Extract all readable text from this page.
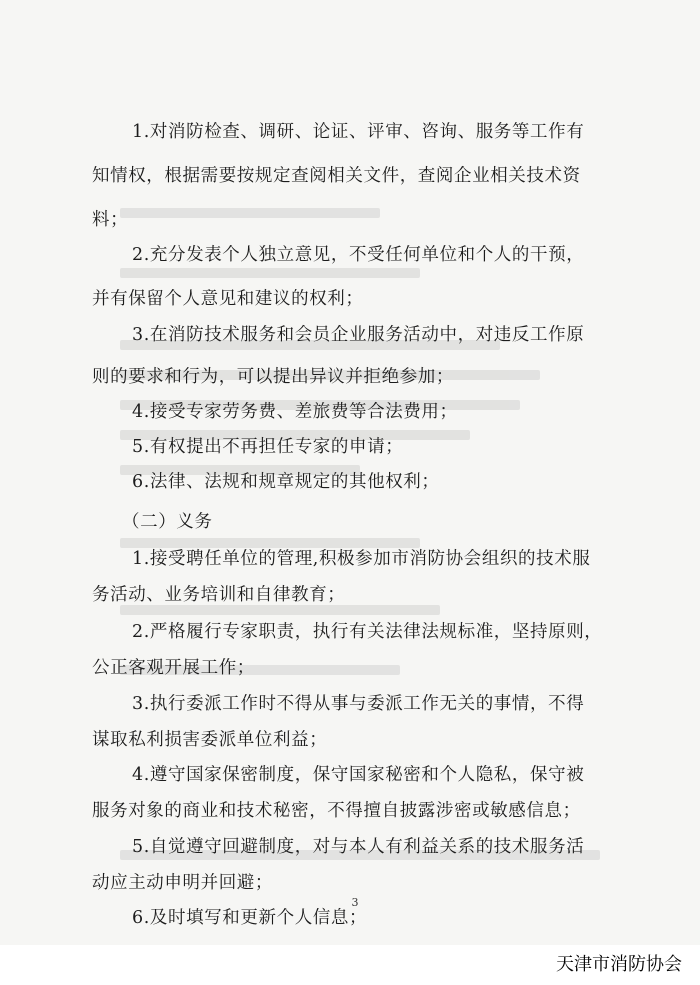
1.对消防检查、调研、论证、评审、咨询、服务等工作有
知情权，根据需要按规定查阅相关文件，查阅企业相关技术资
料；
2.充分发表个人独立意见，不受任何单位和个人的干预，
并有保留个人意见和建议的权利；
3.在消防技术服务和会员企业服务活动中，对违反工作原
则的要求和行为，可以提出异议并拒绝参加；
4.接受专家劳务费、差旅费等合法费用；
5.有权提出不再担任专家的申请；
6.法律、法规和规章规定的其他权利；
（二）义务
1.接受聘任单位的管理,积极参加市消防协会组织的技术服
务活动、业务培训和自律教育；
2.严格履行专家职责，执行有关法律法规标准，坚持原则，
公正客观开展工作；
3.执行委派工作时不得从事与委派工作无关的事情，不得
谋取私利损害委派单位利益；
4.遵守国家保密制度，保守国家秘密和个人隐私，保守被
服务对象的商业和技术秘密，不得擅自披露涉密或敏感信息；
5.自觉遵守回避制度，对与本人有利益关系的技术服务活
动应主动申明并回避；
6.及时填写和更新个人信息；
3
天津市消防协会
